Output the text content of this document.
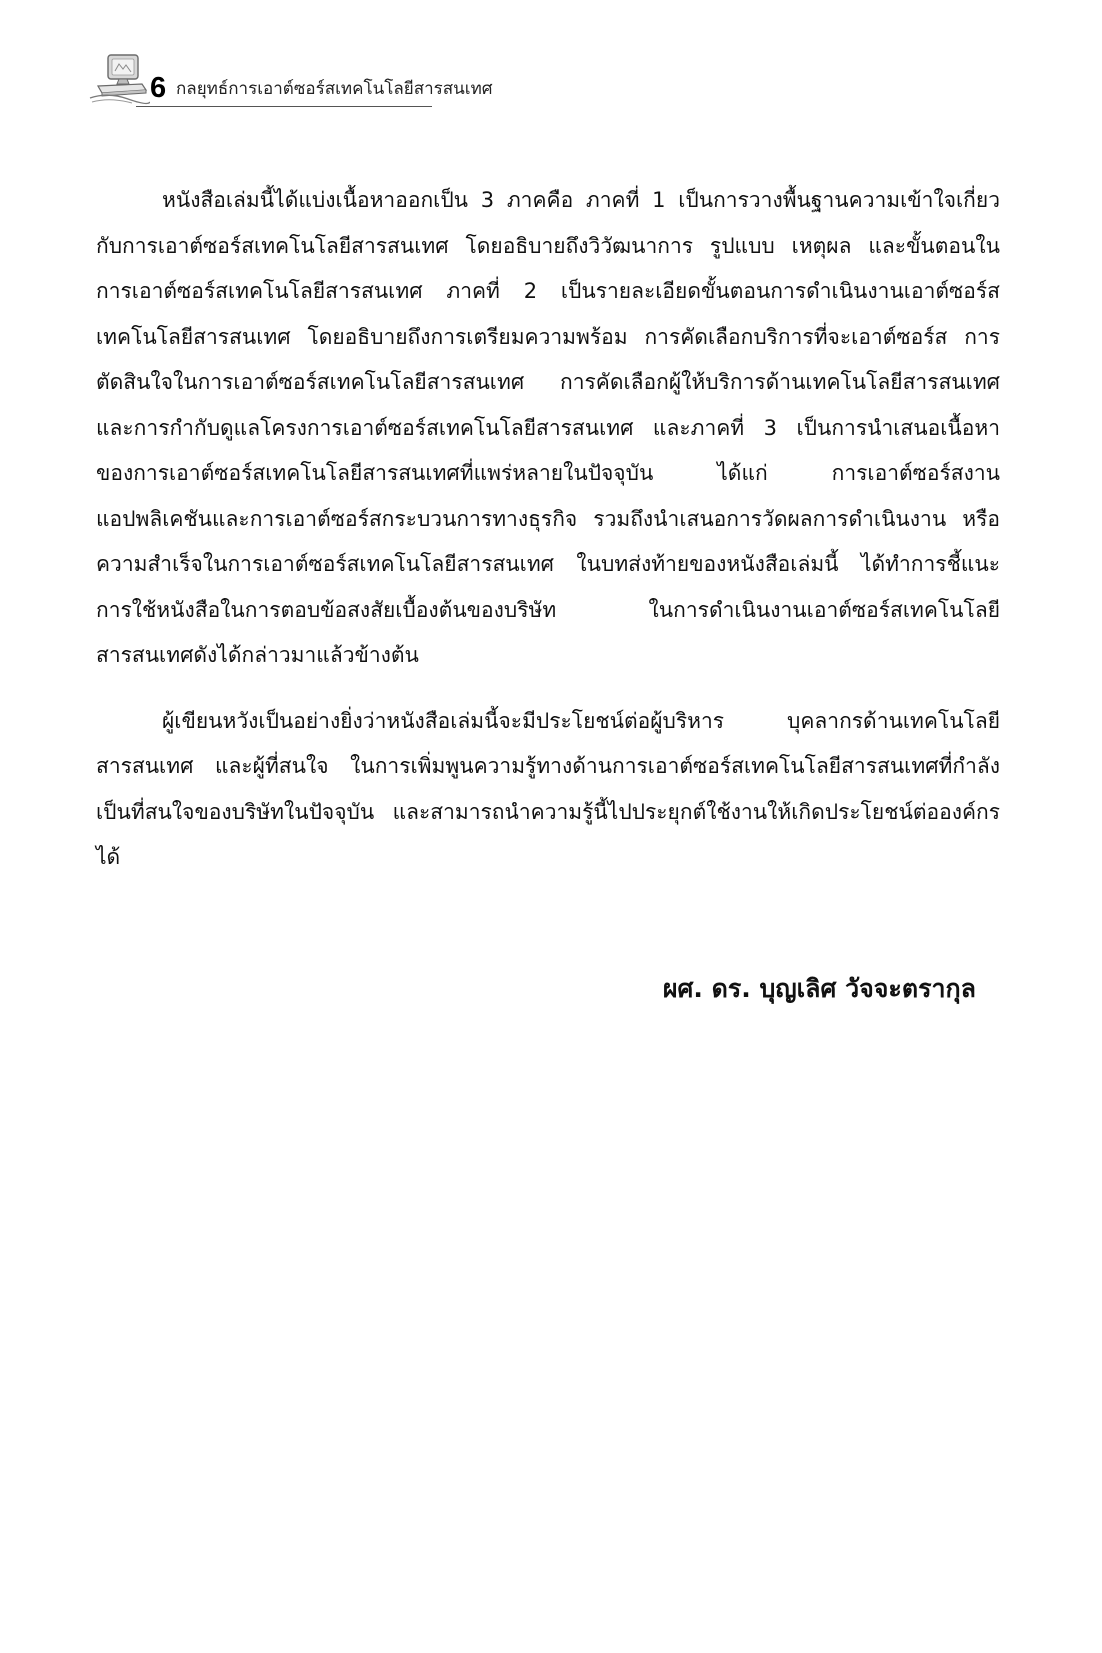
6 กลยุทธ์การเอาต์ซอร์สเทคโนโลยีสารสนเทศ

หนังสือเล่มนี้ได้แบ่งเนื้อหาออกเป็น 3 ภาคคือ ภาคที่ 1 เป็นการวางพื้นฐานความเข้าใจเกี่ยวกับการเอาต์ซอร์สเทคโนโลยีสารสนเทศ โดยอธิบายถึงวิวัฒนาการ รูปแบบ เหตุผล และขั้นตอนในการเอาต์ซอร์สเทคโนโลยีสารสนเทศ ภาคที่ 2 เป็นรายละเอียดขั้นตอนการดำเนินงานเอาต์ซอร์สเทคโนโลยีสารสนเทศ โดยอธิบายถึงการเตรียมความพร้อม การคัดเลือกบริการที่จะเอาต์ซอร์ส การตัดสินใจในการเอาต์ซอร์สเทคโนโลยีสารสนเทศ การคัดเลือกผู้ให้บริการด้านเทคโนโลยีสารสนเทศ และการกำกับดูแลโครงการเอาต์ซอร์สเทคโนโลยีสารสนเทศ และภาคที่ 3 เป็นการนำเสนอเนื้อหาของการเอาต์ซอร์สเทคโนโลยีสารสนเทศที่แพร่หลายในปัจจุบัน ได้แก่ การเอาต์ซอร์สงานแอปพลิเคชันและการเอาต์ซอร์สกระบวนการทางธุรกิจ รวมถึงนำเสนอการวัดผลการดำเนินงาน หรือความสำเร็จในการเอาต์ซอร์สเทคโนโลยีสารสนเทศ ในบทส่งท้ายของหนังสือเล่มนี้ ได้ทำการชี้แนะการใช้หนังสือในการตอบข้อสงสัยเบื้องต้นของบริษัท ในการดำเนินงานเอาต์ซอร์สเทคโนโลยีสารสนเทศดังได้กล่าวมาแล้วข้างต้น

ผู้เขียนหวังเป็นอย่างยิ่งว่าหนังสือเล่มนี้จะมีประโยชน์ต่อผู้บริหาร บุคลากรด้านเทคโนโลยีสารสนเทศ และผู้ที่สนใจ ในการเพิ่มพูนความรู้ทางด้านการเอาต์ซอร์สเทคโนโลยีสารสนเทศที่กำลังเป็นที่สนใจของบริษัทในปัจจุบัน และสามารถนำความรู้นี้ไปประยุกต์ใช้งานให้เกิดประโยชน์ต่อองค์กรได้

ผศ. ดร. บุญเลิศ วัจจะตรากุล
